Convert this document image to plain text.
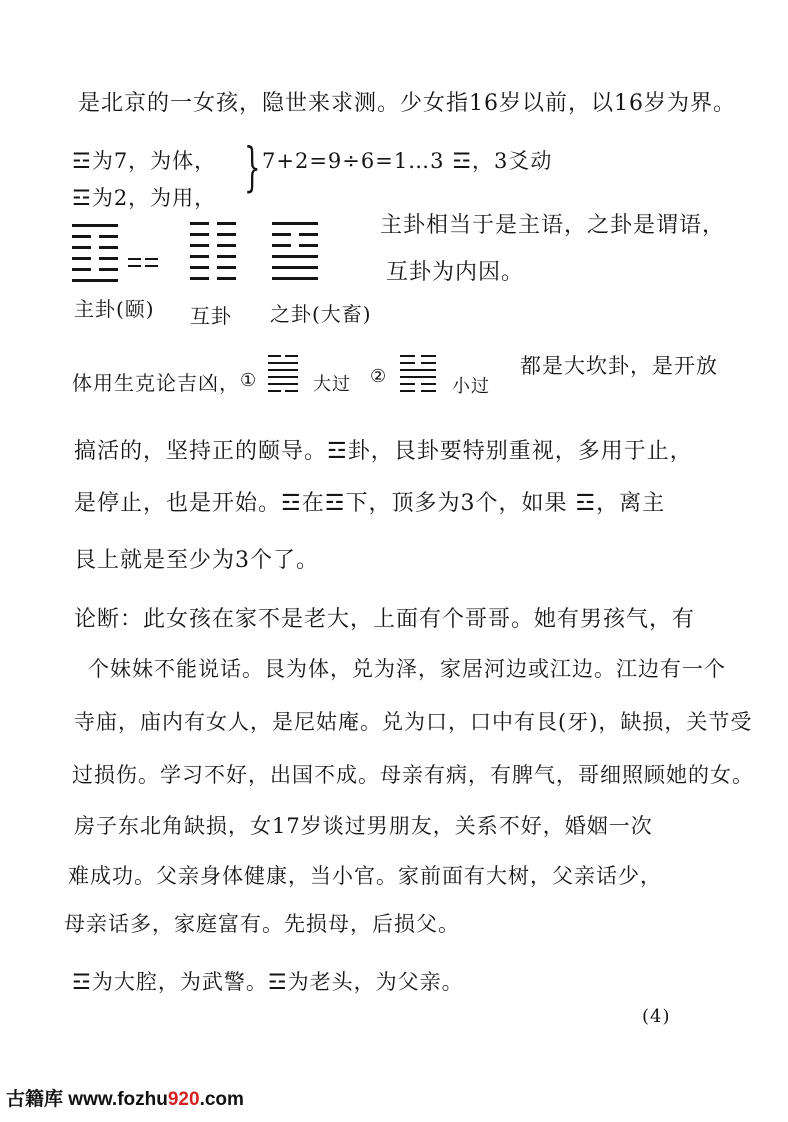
是北京的一女孩，隐世来求测。少女指16岁以前，以16岁为界。
☲为7，为体，
☲为2，为用， } 7+2=9÷6=1…3 ☲，3爻动
主卦相当于是主语，之卦是谓语，
互卦为内因。
主卦(颐) 互卦 之卦(大畜)
体用生克论吉凶， ①	大过 ②	小过
都是大坎卦，是开放
搞活的，坚持正的颐导。☲卦，艮卦要特别重视，多用于止，
是停止，也是开始。☲在☲下，顶多为3个，如果 ☲，离主
艮上就是至少为3个了。
论断：此女孩在家不是老大，上面有个哥哥。她有男孩气，有
个妹妹不能说话。艮为体，兑为泽，家居河边或江边。江边有一个
寺庙，庙内有女人，是尼姑庵。兑为口，口中有艮(牙)，缺损，关节受
过损伤。学习不好，出国不成。母亲有病，有脾气，哥细照顾她的女。
房子东北角缺损，女17岁谈过男朋友，关系不好，婚姻一次
难成功。父亲身体健康，当小官。家前面有大树，父亲话少，
母亲话多，家庭富有。先损母，后损父。
☲为大腔，为武警。☲为老头，为父亲。
(4)
古籍库 www.fozhu920.com
